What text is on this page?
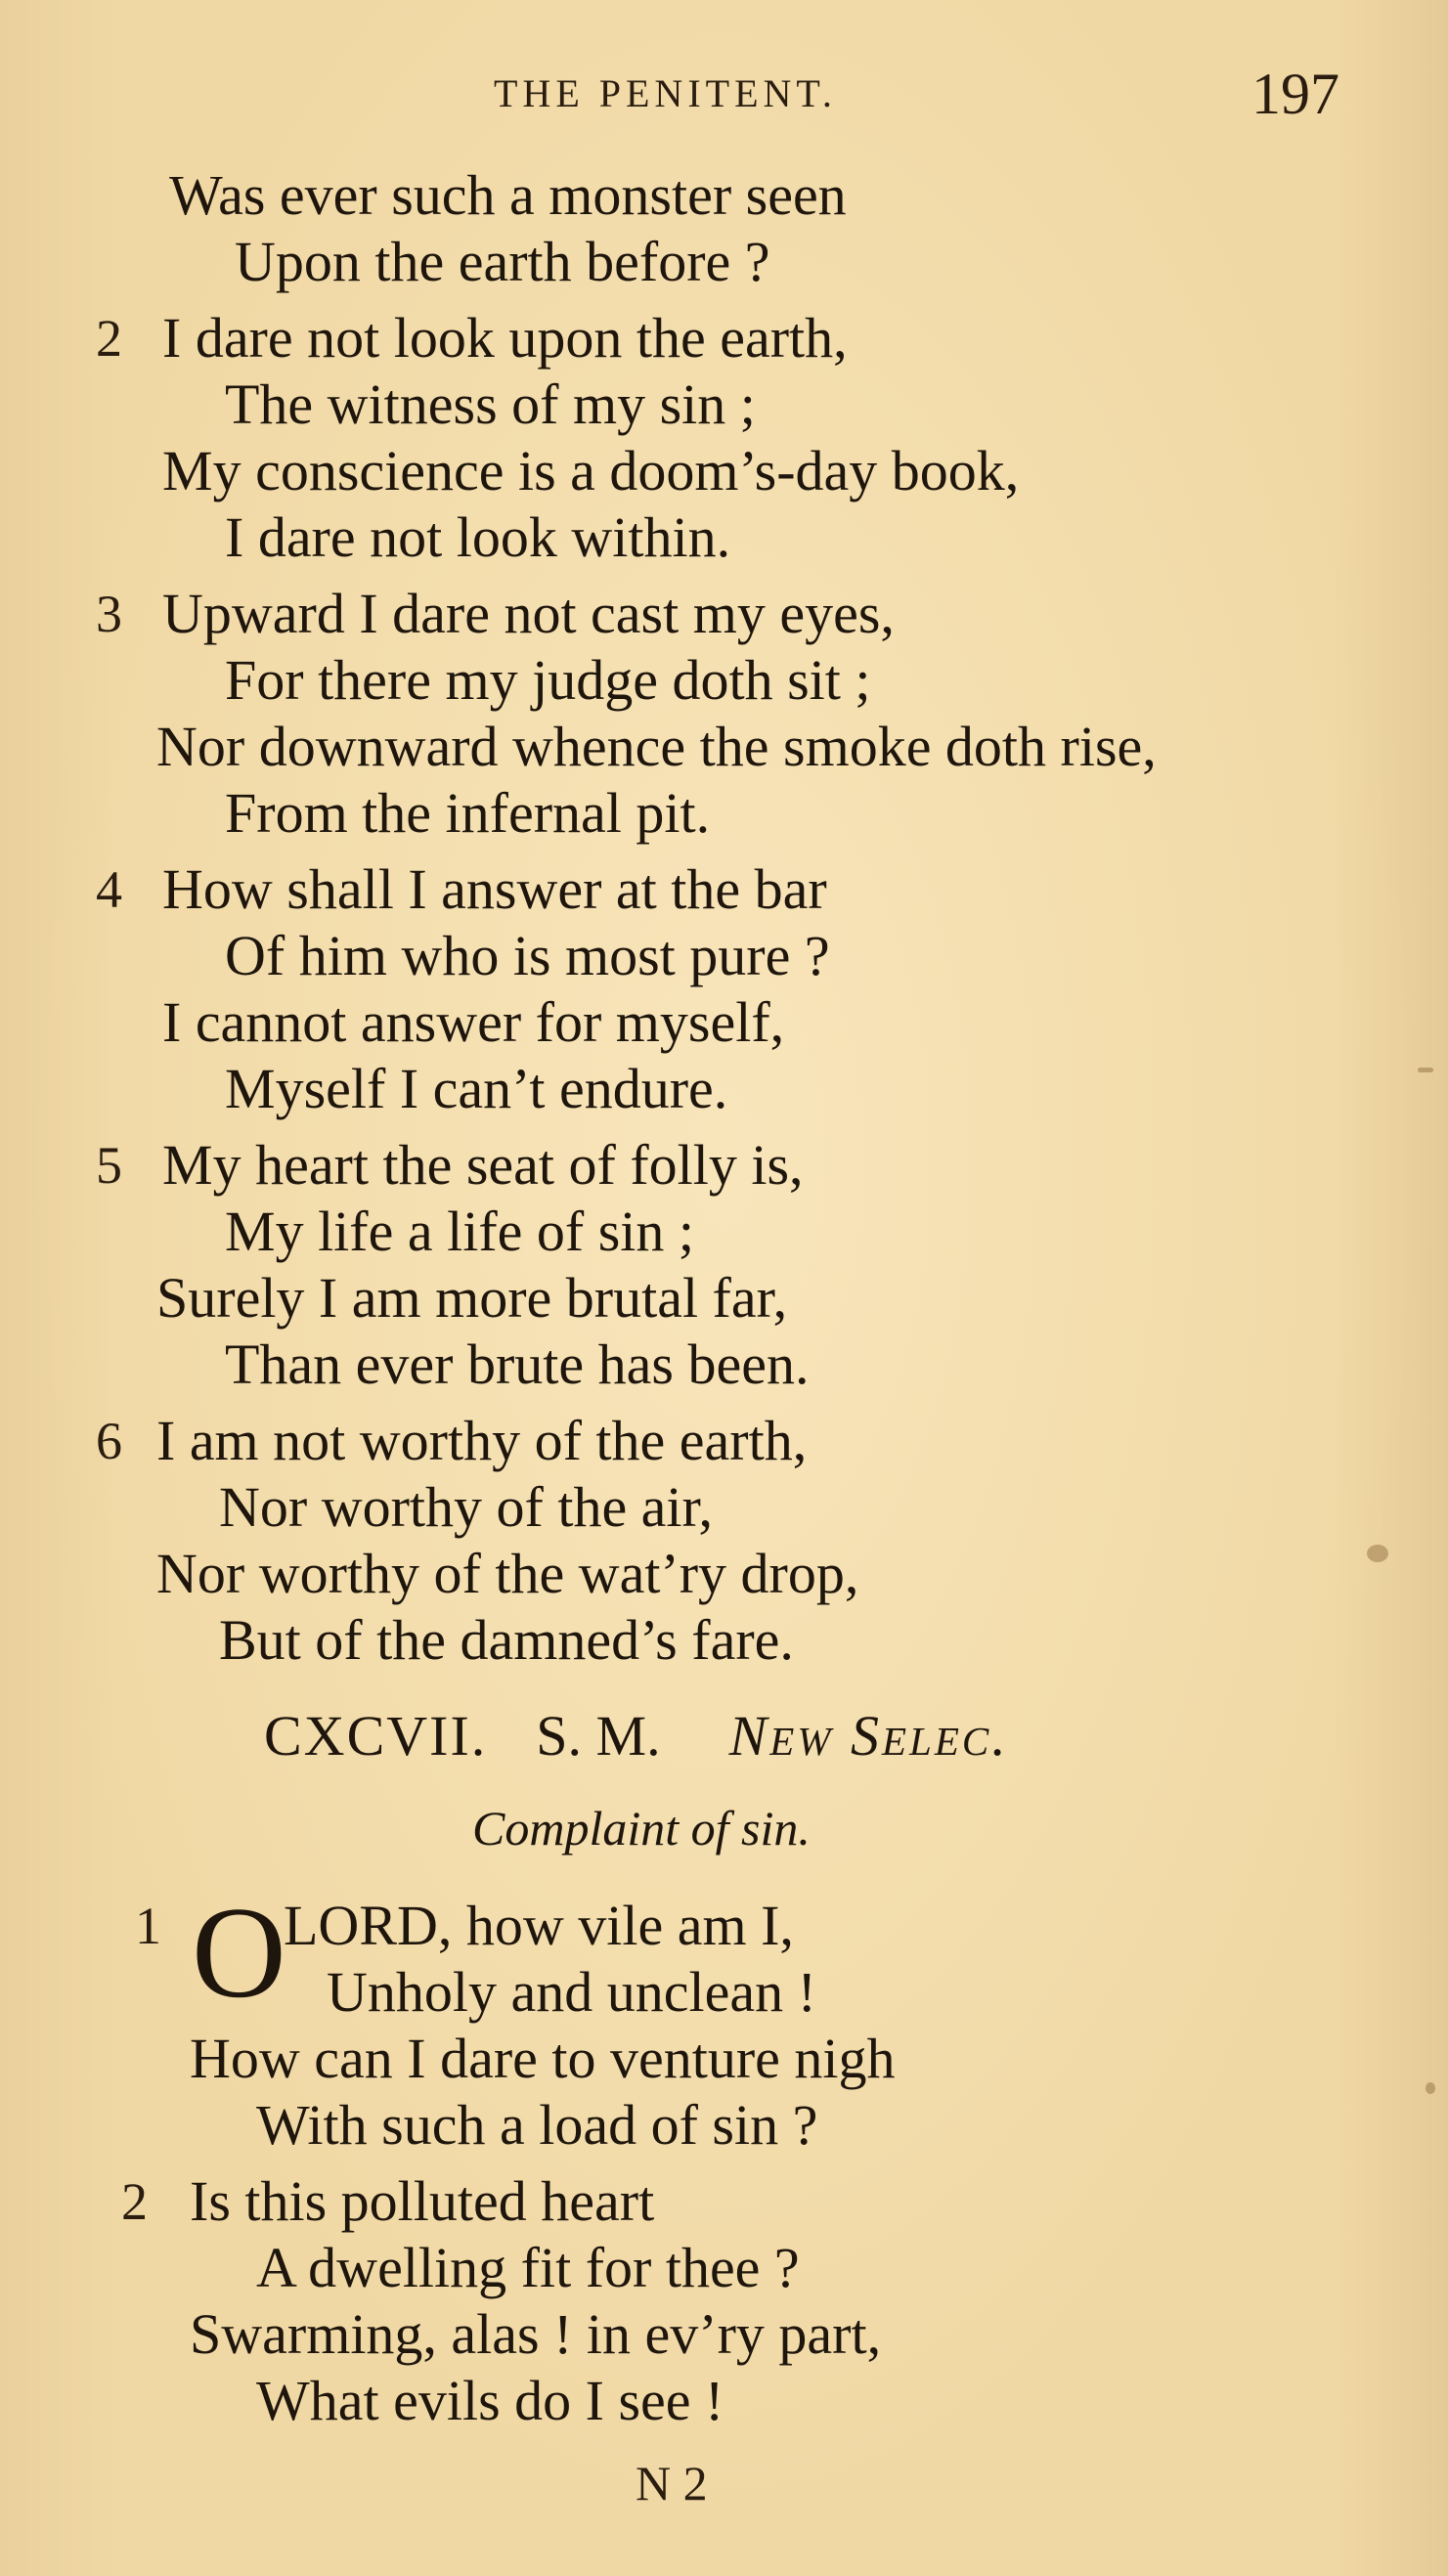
THE PENITENT.	197
Was ever such a monster seen
Upon the earth before ?
2 I dare not look upon the earth,
The witness of my sin ;
My conscience is a doom’s-day book,
I dare not look within.
3 Upward I dare not cast my eyes,
For there my judge doth sit ;
Nor downward whence the smoke doth rise,
From the infernal pit.
4 How shall I answer at the bar
Of him who is most pure ?
I cannot answer for myself,
Myself I can’t endure.
5 My heart the seat of folly is,
My life a life of sin ;
Surely I am more brutal far,
Than ever brute has been.
6 I am not worthy of the earth,
Nor worthy of the air,
Nor worthy of the wat’ry drop,
But of the damned’s fare.
CXCVII. S. M. New Selec.
Complaint of sin.
1 O
LORD, how vile am I,
Unholy and unclean !
How can I dare to venture nigh
With such a load of sin ?
2 Is this polluted heart
A dwelling fit for thee ?
Swarming, alas ! in ev’ry part,
What evils do I see !
N 2
